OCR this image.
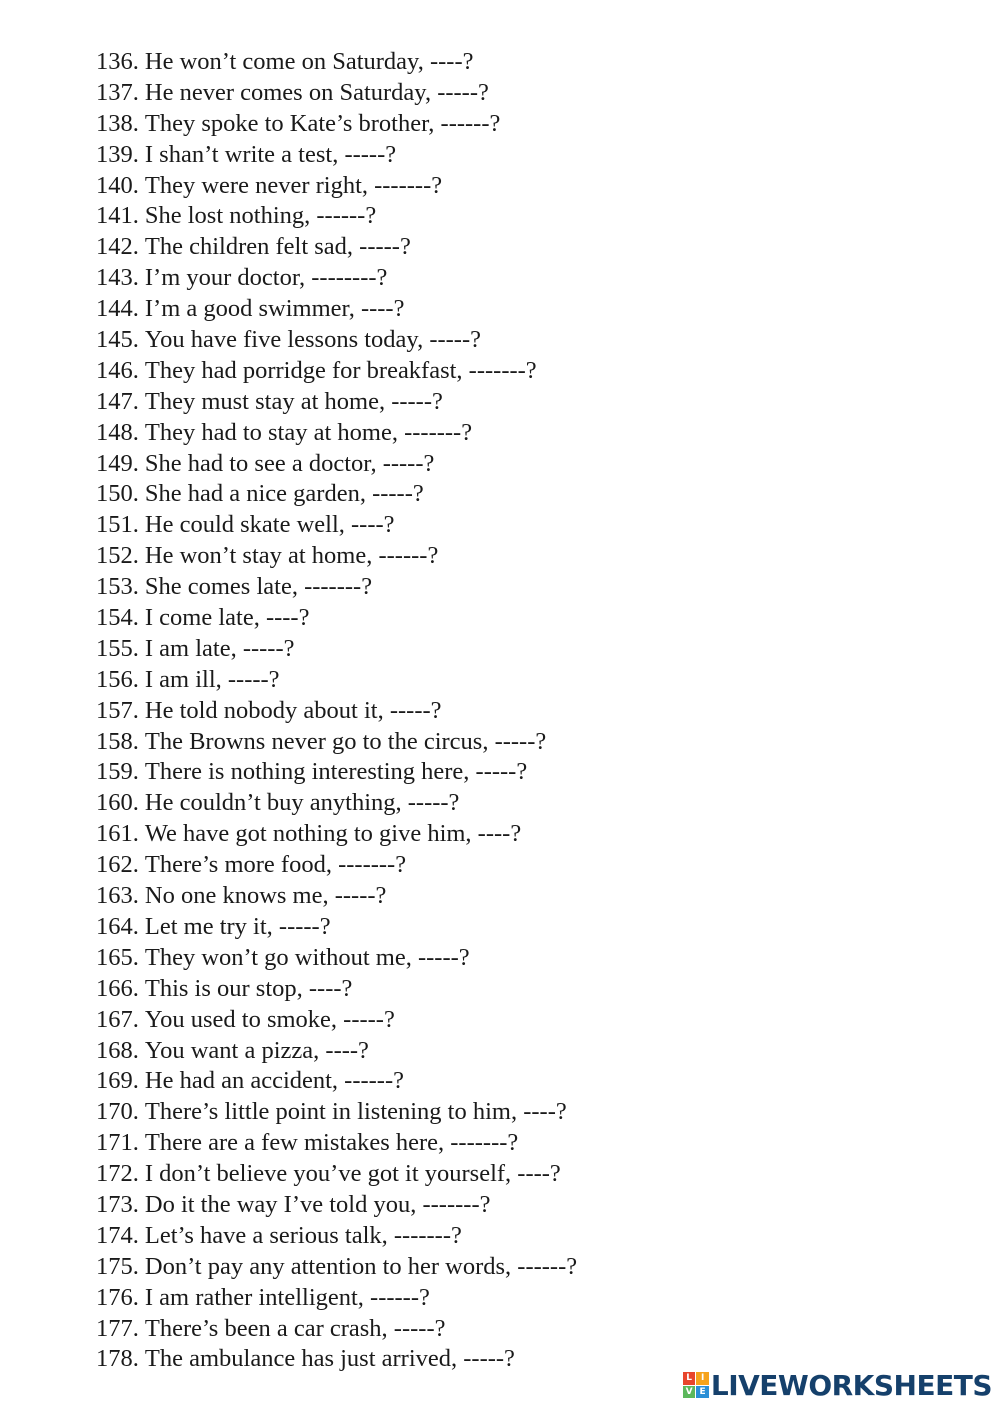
136. He won’t come on Saturday, ----?
137. He never comes on Saturday, -----?
138. They spoke to Kate’s brother, ------?
139. I shan’t write a test, -----?
140. They were never right, -------?
141. She lost nothing, ------?
142. The children felt sad, -----?
143. I’m your doctor, --------?
144. I’m a good swimmer, ----?
145. You have five lessons today, -----?
146. They had porridge for breakfast, -------?
147. They must stay at home, -----?
148. They had to stay at home, -------?
149. She had to see a doctor, -----?
150. She had a nice garden, -----?
151. He could skate well, ----?
152. He won’t stay at home, ------?
153. She comes late, -------?
154. I come late, ----?
155. I am late, -----?
156. I am ill, -----?
157. He told nobody about it, -----?
158. The Browns never go to the circus, -----?
159. There is nothing interesting here, -----?
160. He couldn’t buy anything, -----?
161. We have got nothing to give him, ----?
162. There’s more food, -------?
163. No one knows me, -----?
164. Let me try it, -----?
165. They won’t go without me, -----?
166. This is our stop, ----?
167. You used to smoke, -----?
168. You want a pizza, ----?
169. He had an accident, ------?
170. There’s little point in listening to him, ----?
171. There are a few mistakes here, -------?
172. I don’t believe you’ve got it yourself, ----?
173. Do it the way I’ve told you, -------?
174. Let’s have a serious talk, -------?
175. Don’t pay any attention to her words, ------?
176. I am rather intelligent, ------?
177. There’s been a car crash, -----?
178. The ambulance has just arrived, -----?
L I
V E LIVEWORKSHEETS
